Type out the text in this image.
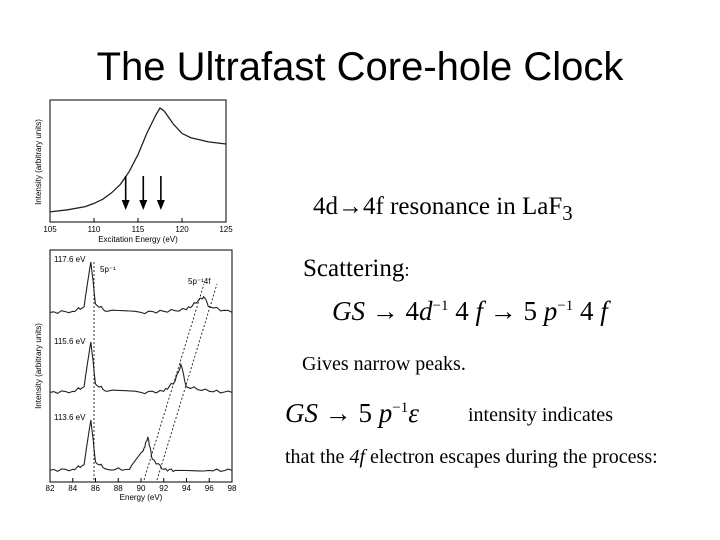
The Ultrafast Core-hole Clock
Intensity (arbitrary units)
105	110	115	120	125
Excitation Energy (eV)
Intensity (arbitrary units)
82 84 86 88 90 92 94 96 98
117.6 eV
115.6 eV
113.6 eV
5p⁻¹
5p⁻¹4f
Energy (eV)
4d→4f resonance in LaF$_3$
Scattering:
GS → $4d^{-1}$ 4 f → 5 $p^{-1}$ 4 f
Gives narrow peaks.
GS → 5 $p^{-1}\varepsilon$ intensity indicates
that the 4f electron escapes during the process:
